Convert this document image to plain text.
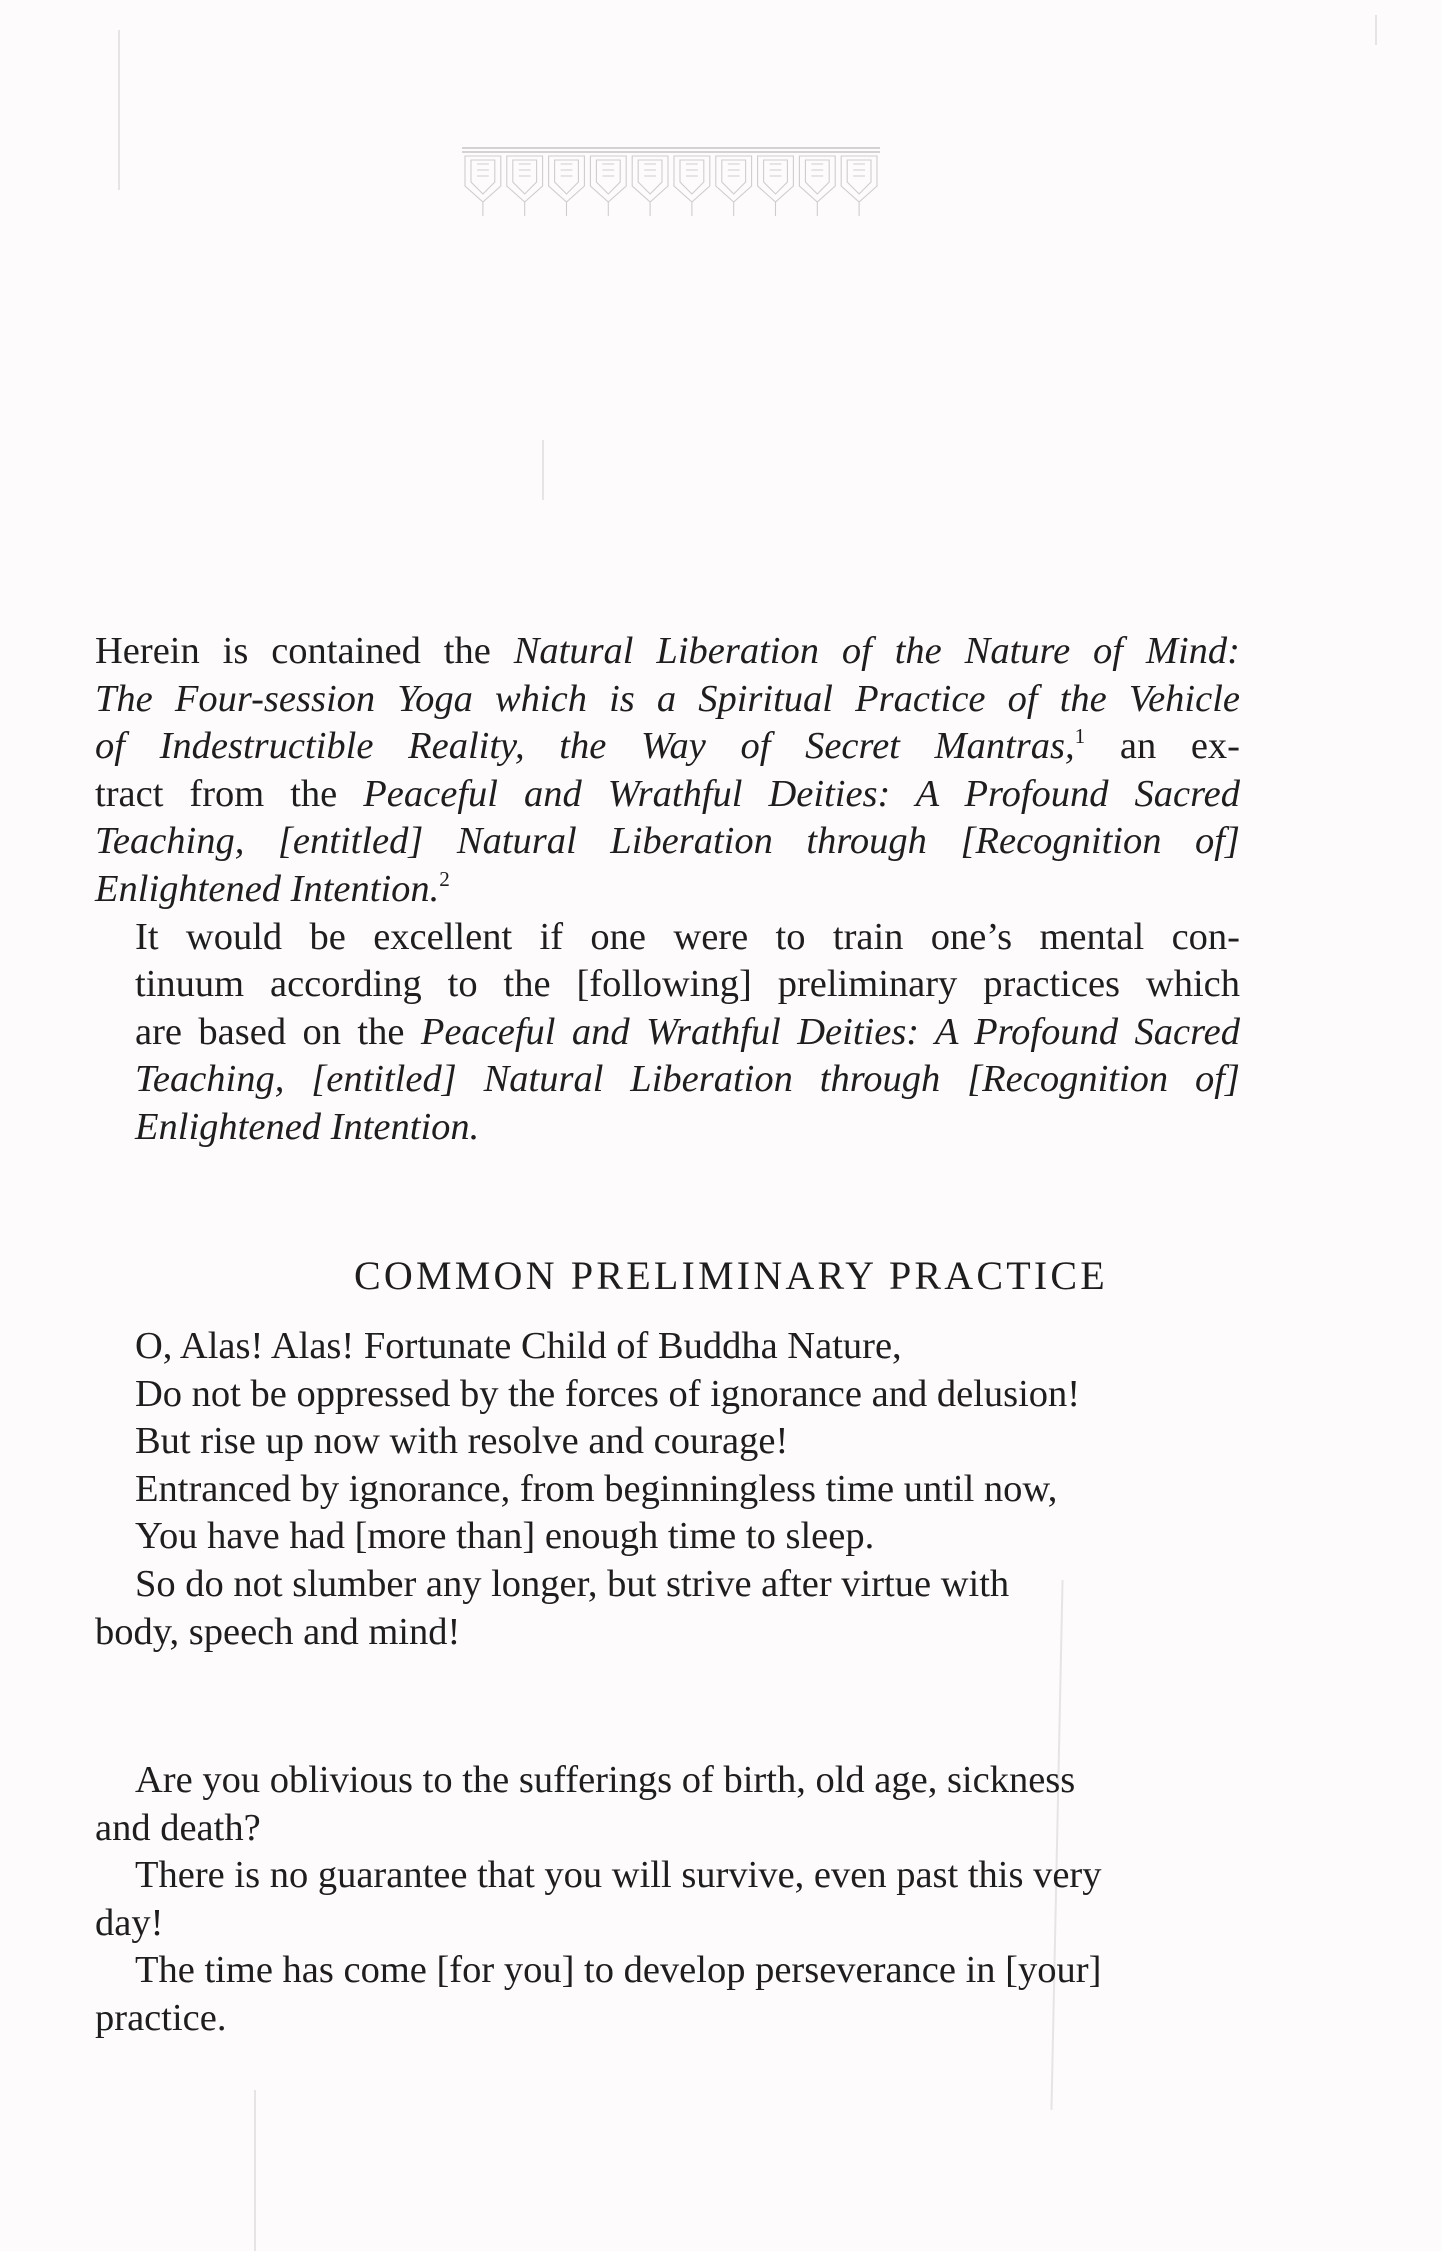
Herein is contained the Natural Liberation of the Nature of Mind:
The Four-session Yoga which is a Spiritual Practice of the Vehicle
of Indestructible Reality, the Way of Secret Mantras,$^1$ an ex-
tract from the Peaceful and Wrathful Deities: A Profound Sacred
Teaching, [entitled] Natural Liberation through [Recognition of]
Enlightened Intention.$^2$

It would be excellent if one were to train one’s mental con-
tinuum according to the [following] preliminary practices which
are based on the Peaceful and Wrathful Deities: A Profound Sacred
Teaching, [entitled] Natural Liberation through [Recognition of]
Enlightened Intention.

COMMON PRELIMINARY PRACTICE
O, Alas! Alas! Fortunate Child of Buddha Nature,
Do not be oppressed by the forces of ignorance and delusion!
But rise up now with resolve and courage!
Entranced by ignorance, from beginningless time until now,
You have had [more than] enough time to sleep.
So do not slumber any longer, but strive after virtue with
body, speech and mind!
Are you oblivious to the sufferings of birth, old age, sickness
and death?
There is no guarantee that you will survive, even past this very
day!
The time has come [for you] to develop perseverance in [your]
practice.
